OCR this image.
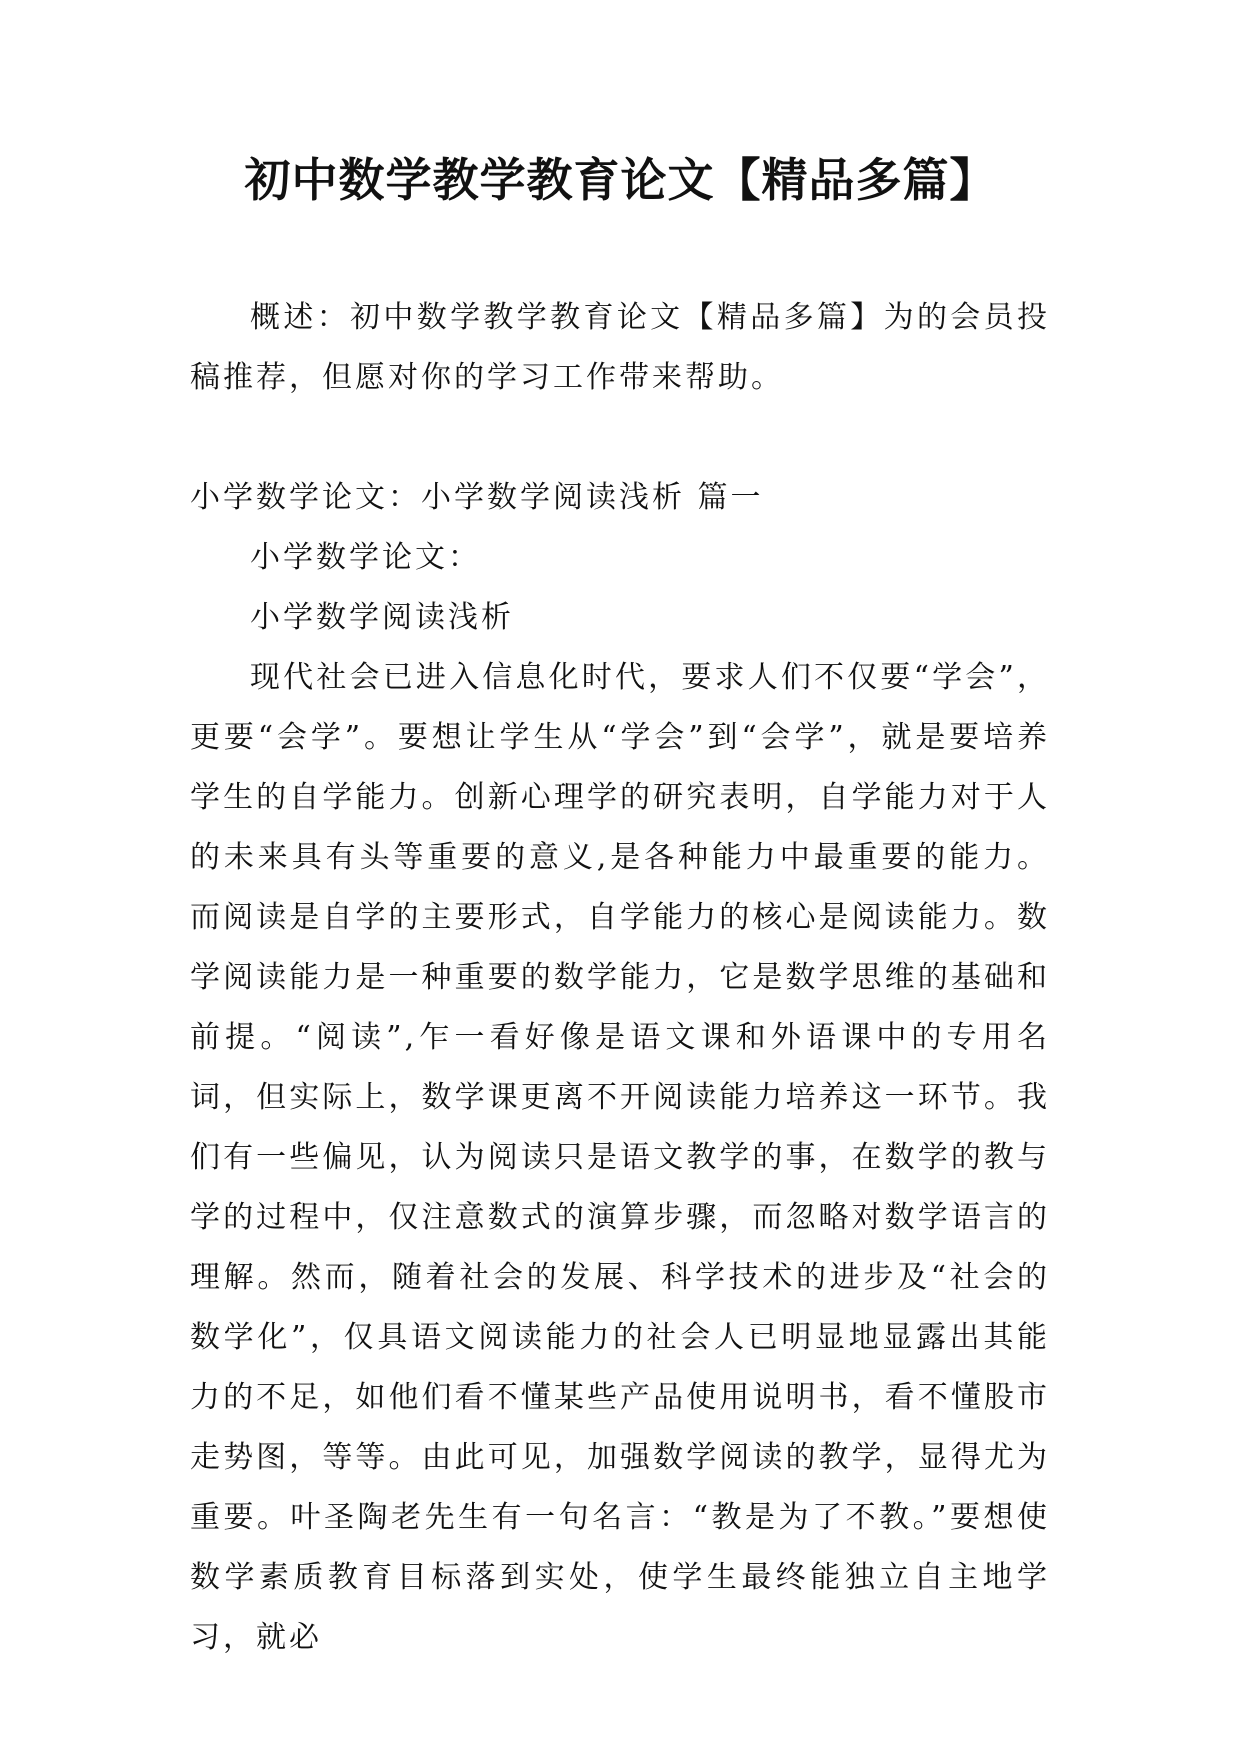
初中数学教学教育论文【精品多篇】

概述：初中数学教学教育论文【精品多篇】为的会员投稿推荐，但愿对你的学习工作带来帮助。

小学数学论文：小学数学阅读浅析 篇一

小学数学论文：

小学数学阅读浅析

现代社会已进入信息化时代，要求人们不仅要“学会”，更要“会学”。要想让学生从“学会”到“会学”，就是要培养学生的自学能力。创新心理学的研究表明，自学能力对于人的未来具有头等重要的意义,是各种能力中最重要的能力。而阅读是自学的主要形式，自学能力的核心是阅读能力。数学阅读能力是一种重要的数学能力，它是数学思维的基础和前提。“阅读”,乍一看好像是语文课和外语课中的专用名词，但实际上，数学课更离不开阅读能力培养这一环节。我们有一些偏见，认为阅读只是语文教学的事，在数学的教与学的过程中，仅注意数式的演算步骤，而忽略对数学语言的理解。然而，随着社会的发展、科学技术的进步及“社会的数学化”，仅具语文阅读能力的社会人已明显地显露出其能力的不足，如他们看不懂某些产品使用说明书，看不懂股市走势图，等等。由此可见，加强数学阅读的教学，显得尤为重要。叶圣陶老先生有一句名言：“教是为了不教。”要想使数学素质教育目标落到实处，使学生最终能独立自主地学习，就必
